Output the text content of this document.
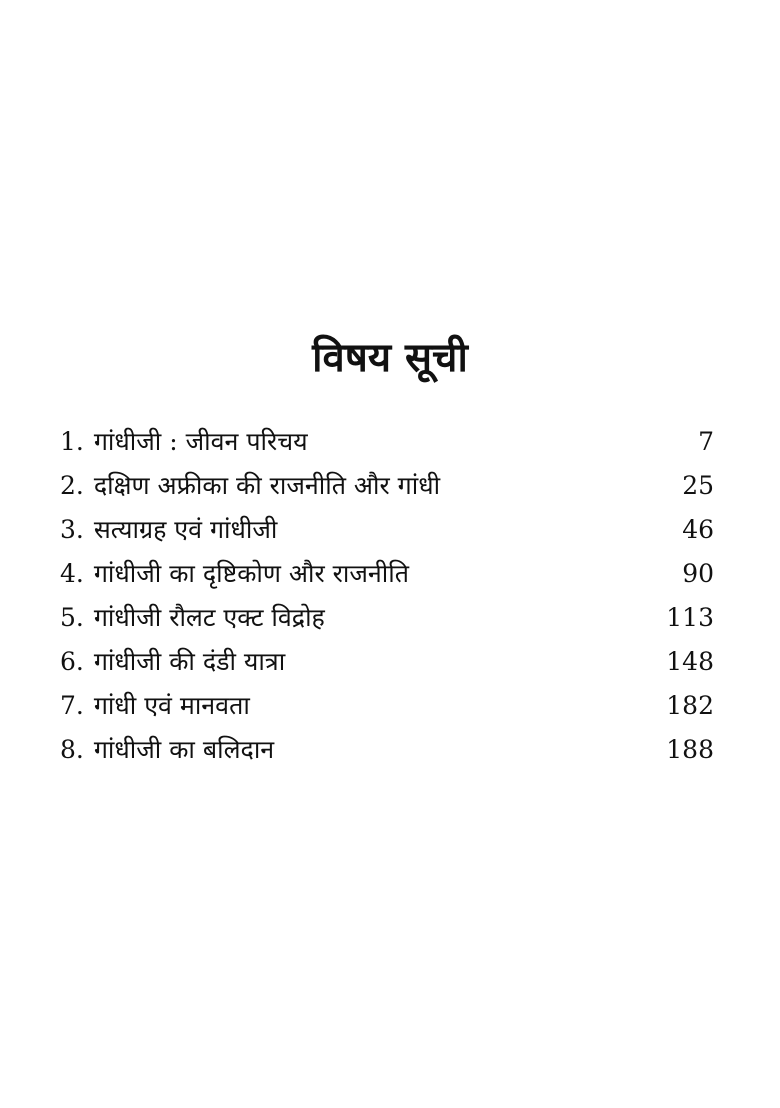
विषय सूची
1. गांधीजी : जीवन परिचय	7
2. दक्षिण अफ्रीका की राजनीति और गांधी	25
3. सत्याग्रह एवं गांधीजी	46
4. गांधीजी का दृष्टिकोण और राजनीति	90
5. गांधीजी रौलट एक्ट विद्रोह	113
6. गांधीजी की दंडी यात्रा	148
7. गांधी एवं मानवता	182
8. गांधीजी का बलिदान	188
